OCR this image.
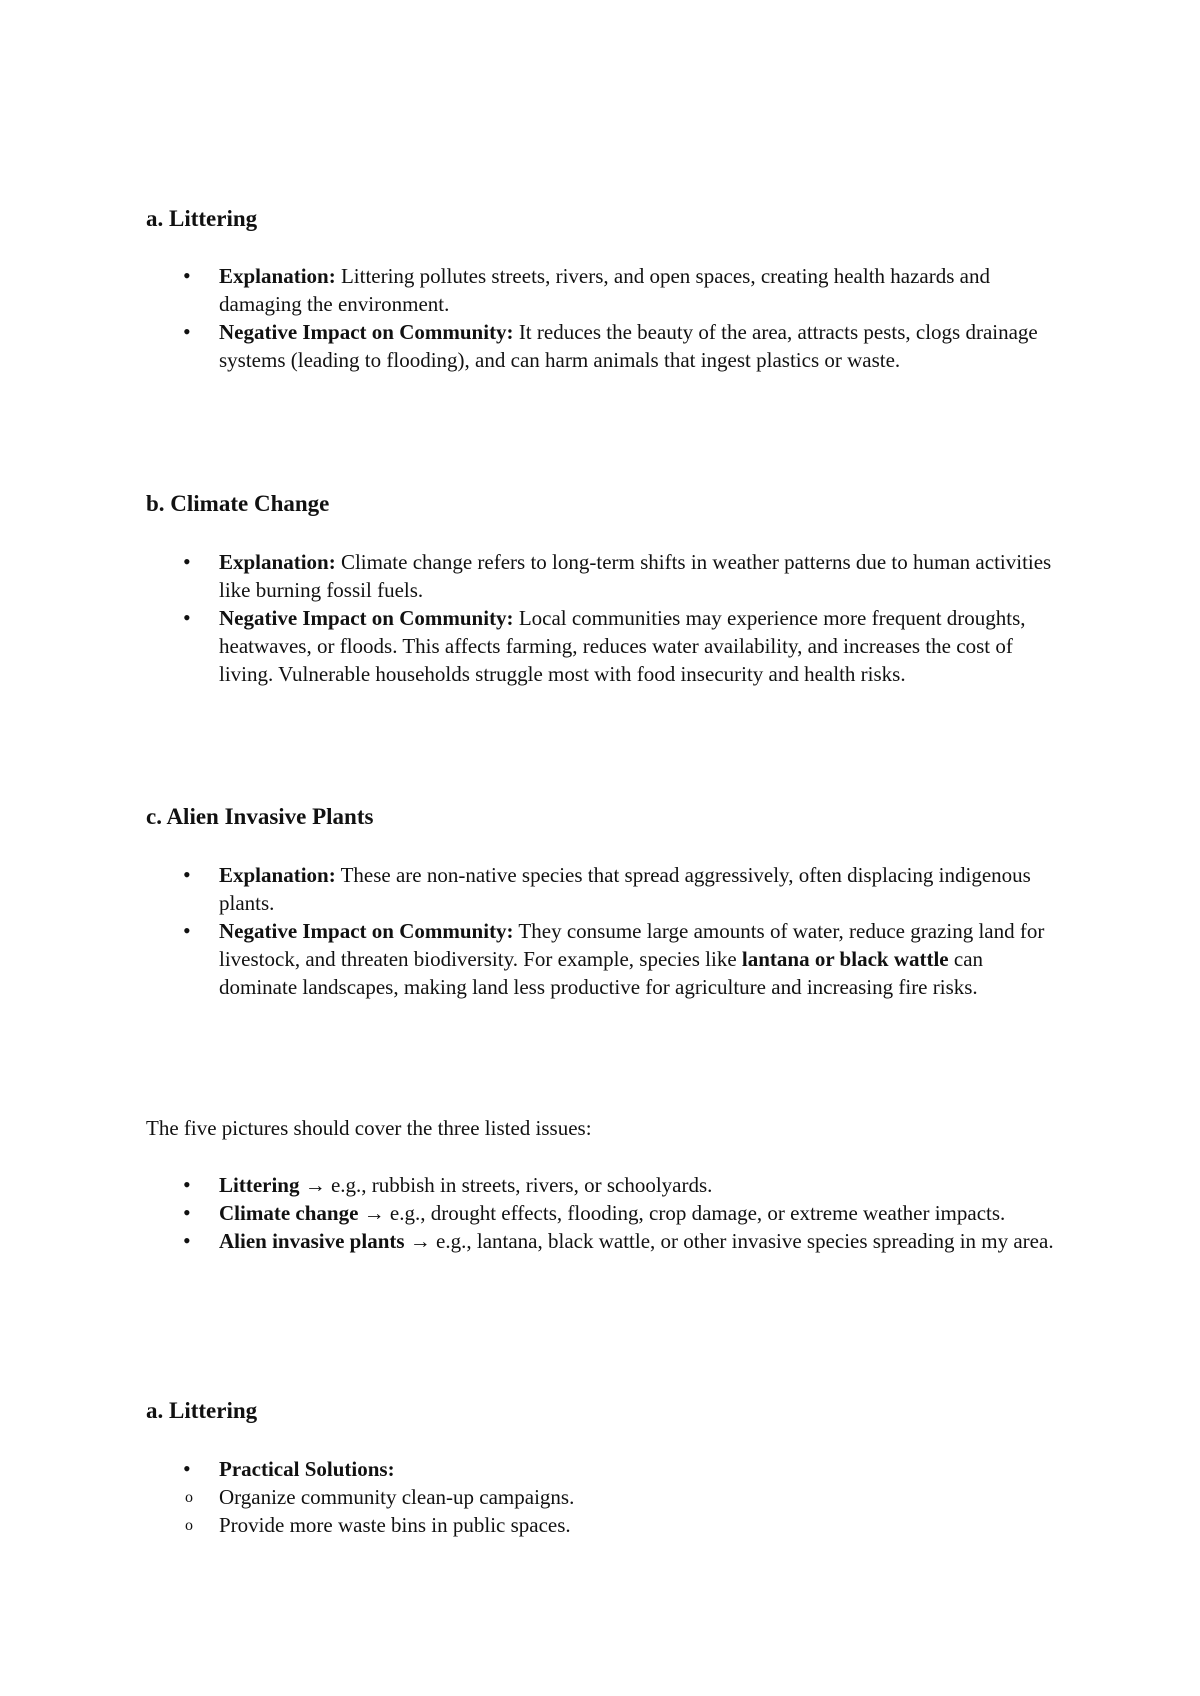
a. Littering
• Explanation: Littering pollutes streets, rivers, and open spaces, creating health hazards and damaging the environment.
• Negative Impact on Community: It reduces the beauty of the area, attracts pests, clogs drainage systems (leading to flooding), and can harm animals that ingest plastics or waste.
b. Climate Change
• Explanation: Climate change refers to long-term shifts in weather patterns due to human activities like burning fossil fuels.
• Negative Impact on Community: Local communities may experience more frequent droughts, heatwaves, or floods. This affects farming, reduces water availability, and increases the cost of living. Vulnerable households struggle most with food insecurity and health risks.
c. Alien Invasive Plants
• Explanation: These are non-native species that spread aggressively, often displacing indigenous plants.
• Negative Impact on Community: They consume large amounts of water, reduce grazing land for livestock, and threaten biodiversity. For example, species like lantana or black wattle can dominate landscapes, making land less productive for agriculture and increasing fire risks.

The five pictures should cover the three listed issues:

• Littering → e.g., rubbish in streets, rivers, or schoolyards.
• Climate change → e.g., drought effects, flooding, crop damage, or extreme weather impacts.
• Alien invasive plants → e.g., lantana, black wattle, or other invasive species spreading in my area.
a. Littering
• Practical Solutions:
o Organize community clean-up campaigns.
o Provide more waste bins in public spaces.
